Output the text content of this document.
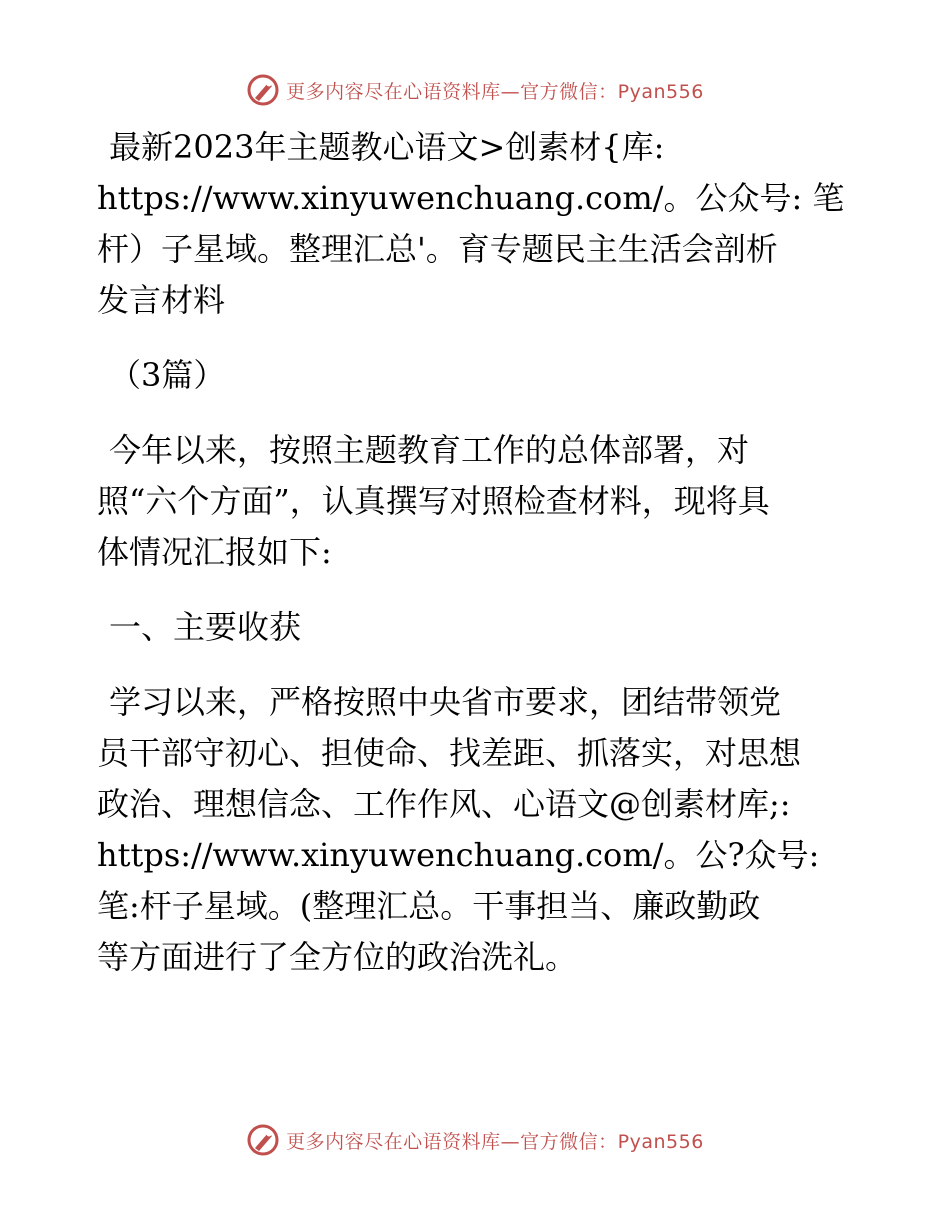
更多内容尽在心语资料库—官方微信：Pyan556
最新2023年主题教心语文>创素材{库:
https://www.xinyuwenchuang.com/。公众号: 笔
杆）子星域。整理汇总'。育专题民主生活会剖析
发言材料
（3篇）
今年以来，按照主题教育工作的总体部署，对
照“六个方面”，认真撰写对照检查材料，现将具
体情况汇报如下:
一、主要收获
学习以来，严格按照中央省市要求，团结带领党
员干部守初心、担使命、找差距、抓落实，对思想
政治、理想信念、工作作风、心语文@创素材库;:
https://www.xinyuwenchuang.com/。公?众号:
笔:杆子星域。(整理汇总。干事担当、廉政勤政
等方面进行了全方位的政治洗礼。
更多内容尽在心语资料库—官方微信：Pyan556
